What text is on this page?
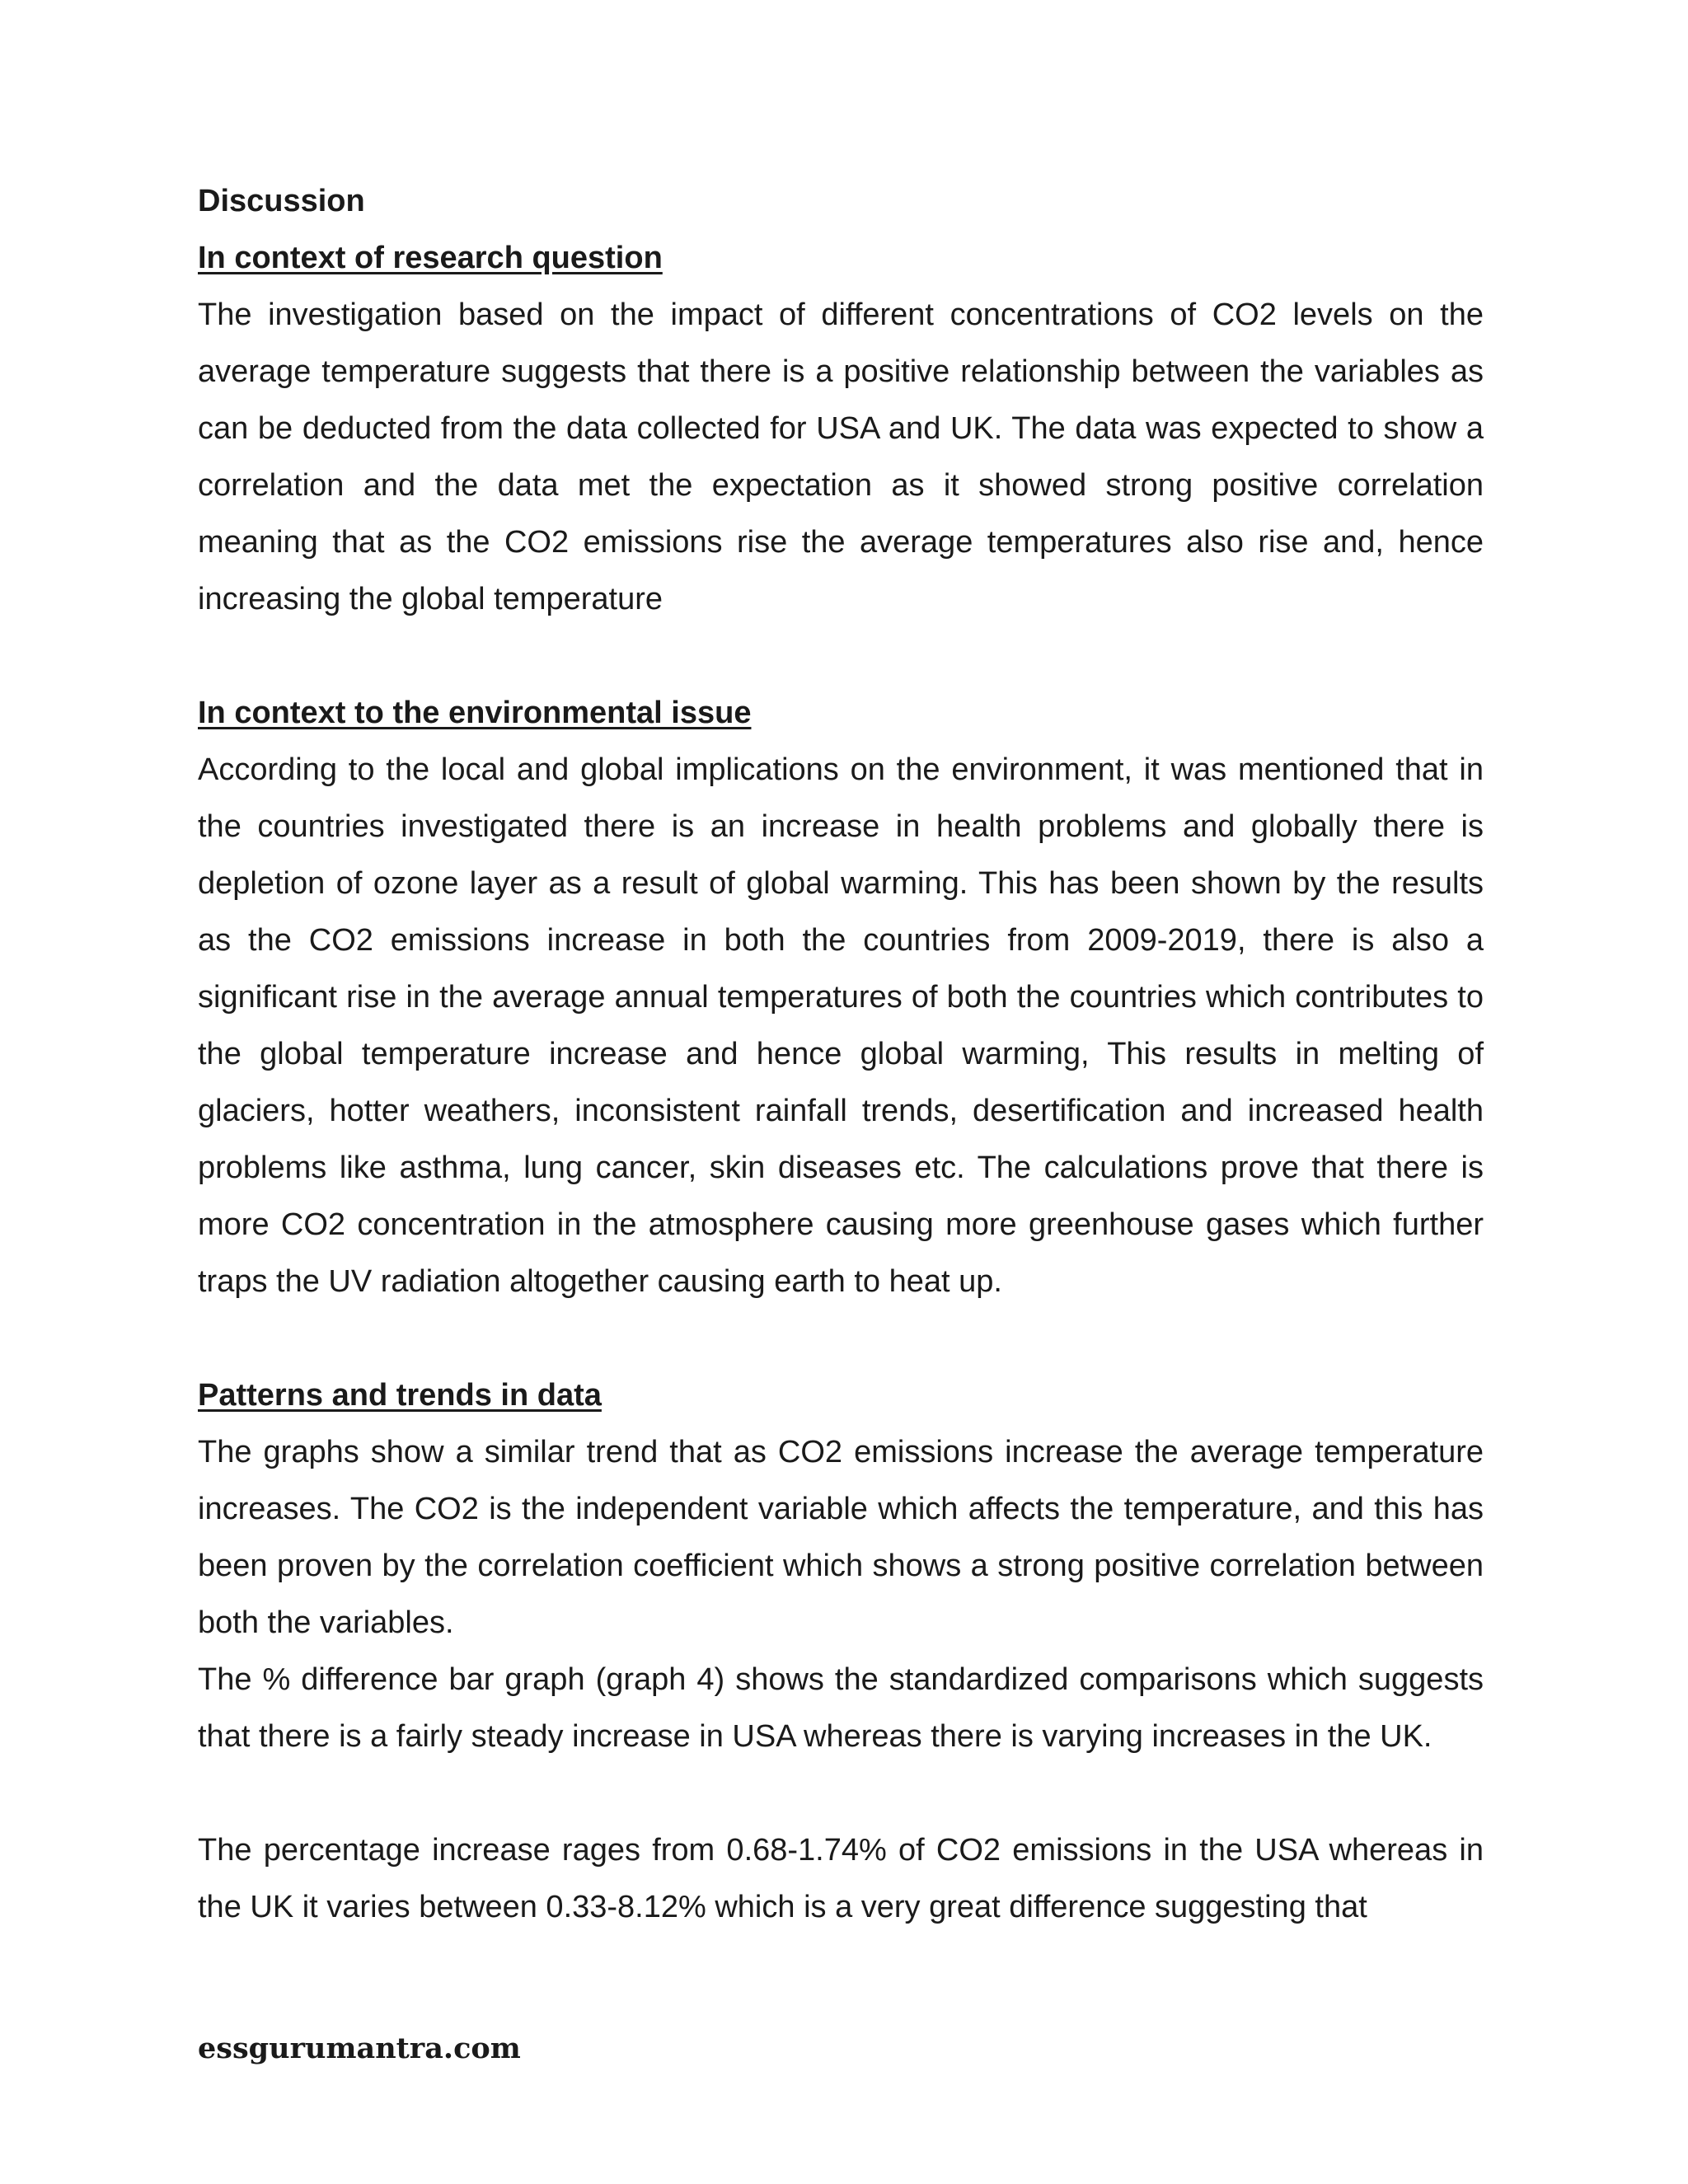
Discussion
In context of research question

The investigation based on the impact of different concentrations of CO2 levels on the average temperature suggests that there is a positive relationship between the variables as can be deducted from the data collected for USA and UK. The data was expected to show a correlation and the data met the expectation as it showed strong positive correlation meaning that as the CO2 emissions rise the average temperatures also rise and, hence increasing the global temperature

In context to the environmental issue

According to the local and global implications on the environment, it was mentioned that in the countries investigated there is an increase in health problems and globally there is depletion of ozone layer as a result of global warming. This has been shown by the results as the CO2 emissions increase in both the countries from 2009-2019, there is also a significant rise in the average annual temperatures of both the countries which contributes to the global temperature increase and hence global warming, This results in melting of glaciers, hotter weathers, inconsistent rainfall trends, desertification and increased health problems like asthma, lung cancer, skin diseases etc. The calculations prove that there is more CO2 concentration in the atmosphere causing more greenhouse gases which further traps the UV radiation altogether causing earth to heat up.

Patterns and trends in data

The graphs show a similar trend that as CO2 emissions increase the average temperature increases. The CO2 is the independent variable which affects the temperature, and this has been proven by the correlation coefficient which shows a strong positive correlation between both the variables.

The % difference bar graph (graph 4) shows the standardized comparisons which suggests that there is a fairly steady increase in USA whereas there is varying increases in the UK.

The percentage increase rages from 0.68-1.74% of CO2 emissions in the USA whereas in the UK it varies between 0.33-8.12% which is a very great difference suggesting that

essgurumantra.com
